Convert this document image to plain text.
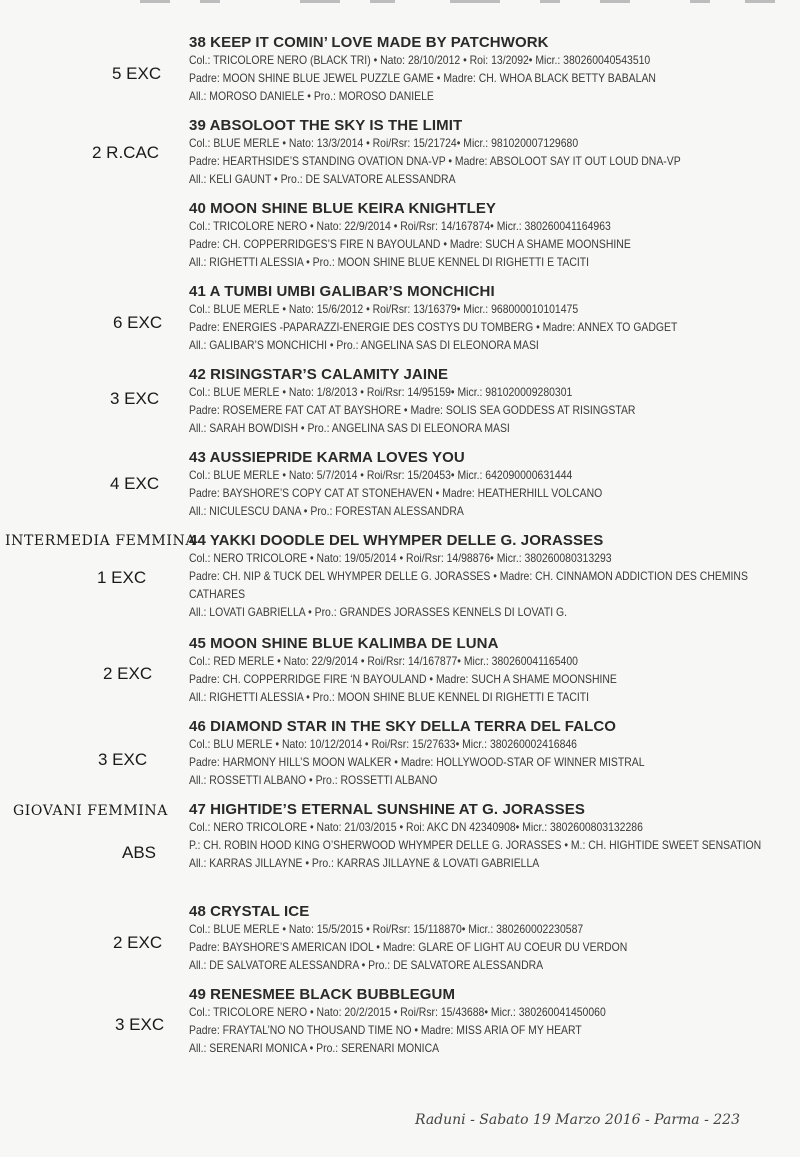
38 KEEP IT COMIN’ LOVE MADE BY PATCHWORK
Col.: TRICOLORE NERO (BLACK TRI) • Nato: 28/10/2012 • Roi: 13/2092• Micr.: 380260040543510
Padre: MOON SHINE BLUE JEWEL PUZZLE GAME • Madre: CH. WHOA BLACK BETTY BABALAN
All.: MOROSO DANIELE • Pro.: MOROSO DANIELE
5 EXC
39 ABSOLOOT THE SKY IS THE LIMIT
Col.: BLUE MERLE • Nato: 13/3/2014 • Roi/Rsr: 15/21724• Micr.: 981020007129680
Padre: HEARTHSIDE’S STANDING OVATION DNA-VP • Madre: ABSOLOOT SAY IT OUT LOUD DNA-VP
All.: KELI GAUNT • Pro.: DE SALVATORE ALESSANDRA
2 R.CAC
40 MOON SHINE BLUE KEIRA KNIGHTLEY
Col.: TRICOLORE NERO • Nato: 22/9/2014 • Roi/Rsr: 14/167874• Micr.: 380260041164963
Padre: CH. COPPERRIDGES’S FIRE N BAYOULAND • Madre: SUCH A SHAME MOONSHINE
All.: RIGHETTI ALESSIA • Pro.: MOON SHINE BLUE KENNEL DI RIGHETTI E TACITI
41 A TUMBI UMBI GALIBAR’S MONCHICHI
Col.: BLUE MERLE • Nato: 15/6/2012 • Roi/Rsr: 13/16379• Micr.: 968000010101475
Padre: ENERGIES -PAPARAZZI-ENERGIE DES COSTYS DU TOMBERG • Madre: ANNEX TO GADGET
All.: GALIBAR’S MONCHICHI • Pro.: ANGELINA SAS DI ELEONORA MASI
6 EXC
42 RISINGSTAR’S CALAMITY JAINE
Col.: BLUE MERLE • Nato: 1/8/2013 • Roi/Rsr: 14/95159• Micr.: 981020009280301
Padre: ROSEMERE FAT CAT AT BAYSHORE • Madre: SOLIS SEA GODDESS AT RISINGSTAR
All.: SARAH BOWDISH • Pro.: ANGELINA SAS DI ELEONORA MASI
3 EXC
43 AUSSIEPRIDE KARMA LOVES YOU
Col.: BLUE MERLE • Nato: 5/7/2014 • Roi/Rsr: 15/20453• Micr.: 642090000631444
Padre: BAYSHORE’S COPY CAT AT STONEHAVEN • Madre: HEATHERHILL VOLCANO
All.: NICULESCU DANA • Pro.: FORESTAN ALESSANDRA
4 EXC
INTERMEDIA FEMMINA
44 YAKKI DOODLE DEL WHYMPER DELLE G. JORASSES
Col.: NERO TRICOLORE • Nato: 19/05/2014 • Roi/Rsr: 14/98876• Micr.: 380260080313293
Padre: CH. NIP & TUCK DEL WHYMPER DELLE G. JORASSES • Madre: CH. CINNAMON ADDICTION DES CHEMINS CATHARES
All.: LOVATI GABRIELLA • Pro.: GRANDES JORASSES KENNELS DI LOVATI G.
1 EXC
45 MOON SHINE BLUE KALIMBA DE LUNA
Col.: RED MERLE • Nato: 22/9/2014 • Roi/Rsr: 14/167877• Micr.: 380260041165400
Padre: CH. COPPERRIDGE FIRE ‘N BAYOULAND • Madre: SUCH A SHAME MOONSHINE
All.: RIGHETTI ALESSIA • Pro.: MOON SHINE BLUE KENNEL DI RIGHETTI E TACITI
2 EXC
46 DIAMOND STAR IN THE SKY DELLA TERRA DEL FALCO
Col.: BLU MERLE • Nato: 10/12/2014 • Roi/Rsr: 15/27633• Micr.: 380260002416846
Padre: HARMONY HILL’S MOON WALKER • Madre: HOLLYWOOD-STAR OF WINNER MISTRAL
All.: ROSSETTI ALBANO • Pro.: ROSSETTI ALBANO
3 EXC
GIOVANI FEMMINA 47 HIGHTIDE’S ETERNAL SUNSHINE AT G. JORASSES
Col.: NERO TRICOLORE • Nato: 21/03/2015 • Roi: AKC DN 42340908• Micr.: 3802600803132286
P.: CH. ROBIN HOOD KING O’SHERWOOD WHYMPER DELLE G. JORASSES • M.: CH. HIGHTIDE SWEET SENSATION
All.: KARRAS JILLAYNE • Pro.: KARRAS JILLAYNE & LOVATI GABRIELLA
ABS
48 CRYSTAL ICE
Col.: BLUE MERLE • Nato: 15/5/2015 • Roi/Rsr: 15/118870• Micr.: 380260002230587
Padre: BAYSHORE’S AMERICAN IDOL • Madre: GLARE OF LIGHT AU COEUR DU VERDON
All.: DE SALVATORE ALESSANDRA • Pro.: DE SALVATORE ALESSANDRA
2 EXC
49 RENESMEE BLACK BUBBLEGUM
Col.: TRICOLORE NERO • Nato: 20/2/2015 • Roi/Rsr: 15/43688• Micr.: 380260041450060
Padre: FRAYTAL’NO NO THOUSAND TIME NO • Madre: MISS ARIA OF MY HEART
All.: SERENARI MONICA • Pro.: SERENARI MONICA
3 EXC
Raduni - Sabato 19 Marzo 2016 - Parma - 223
